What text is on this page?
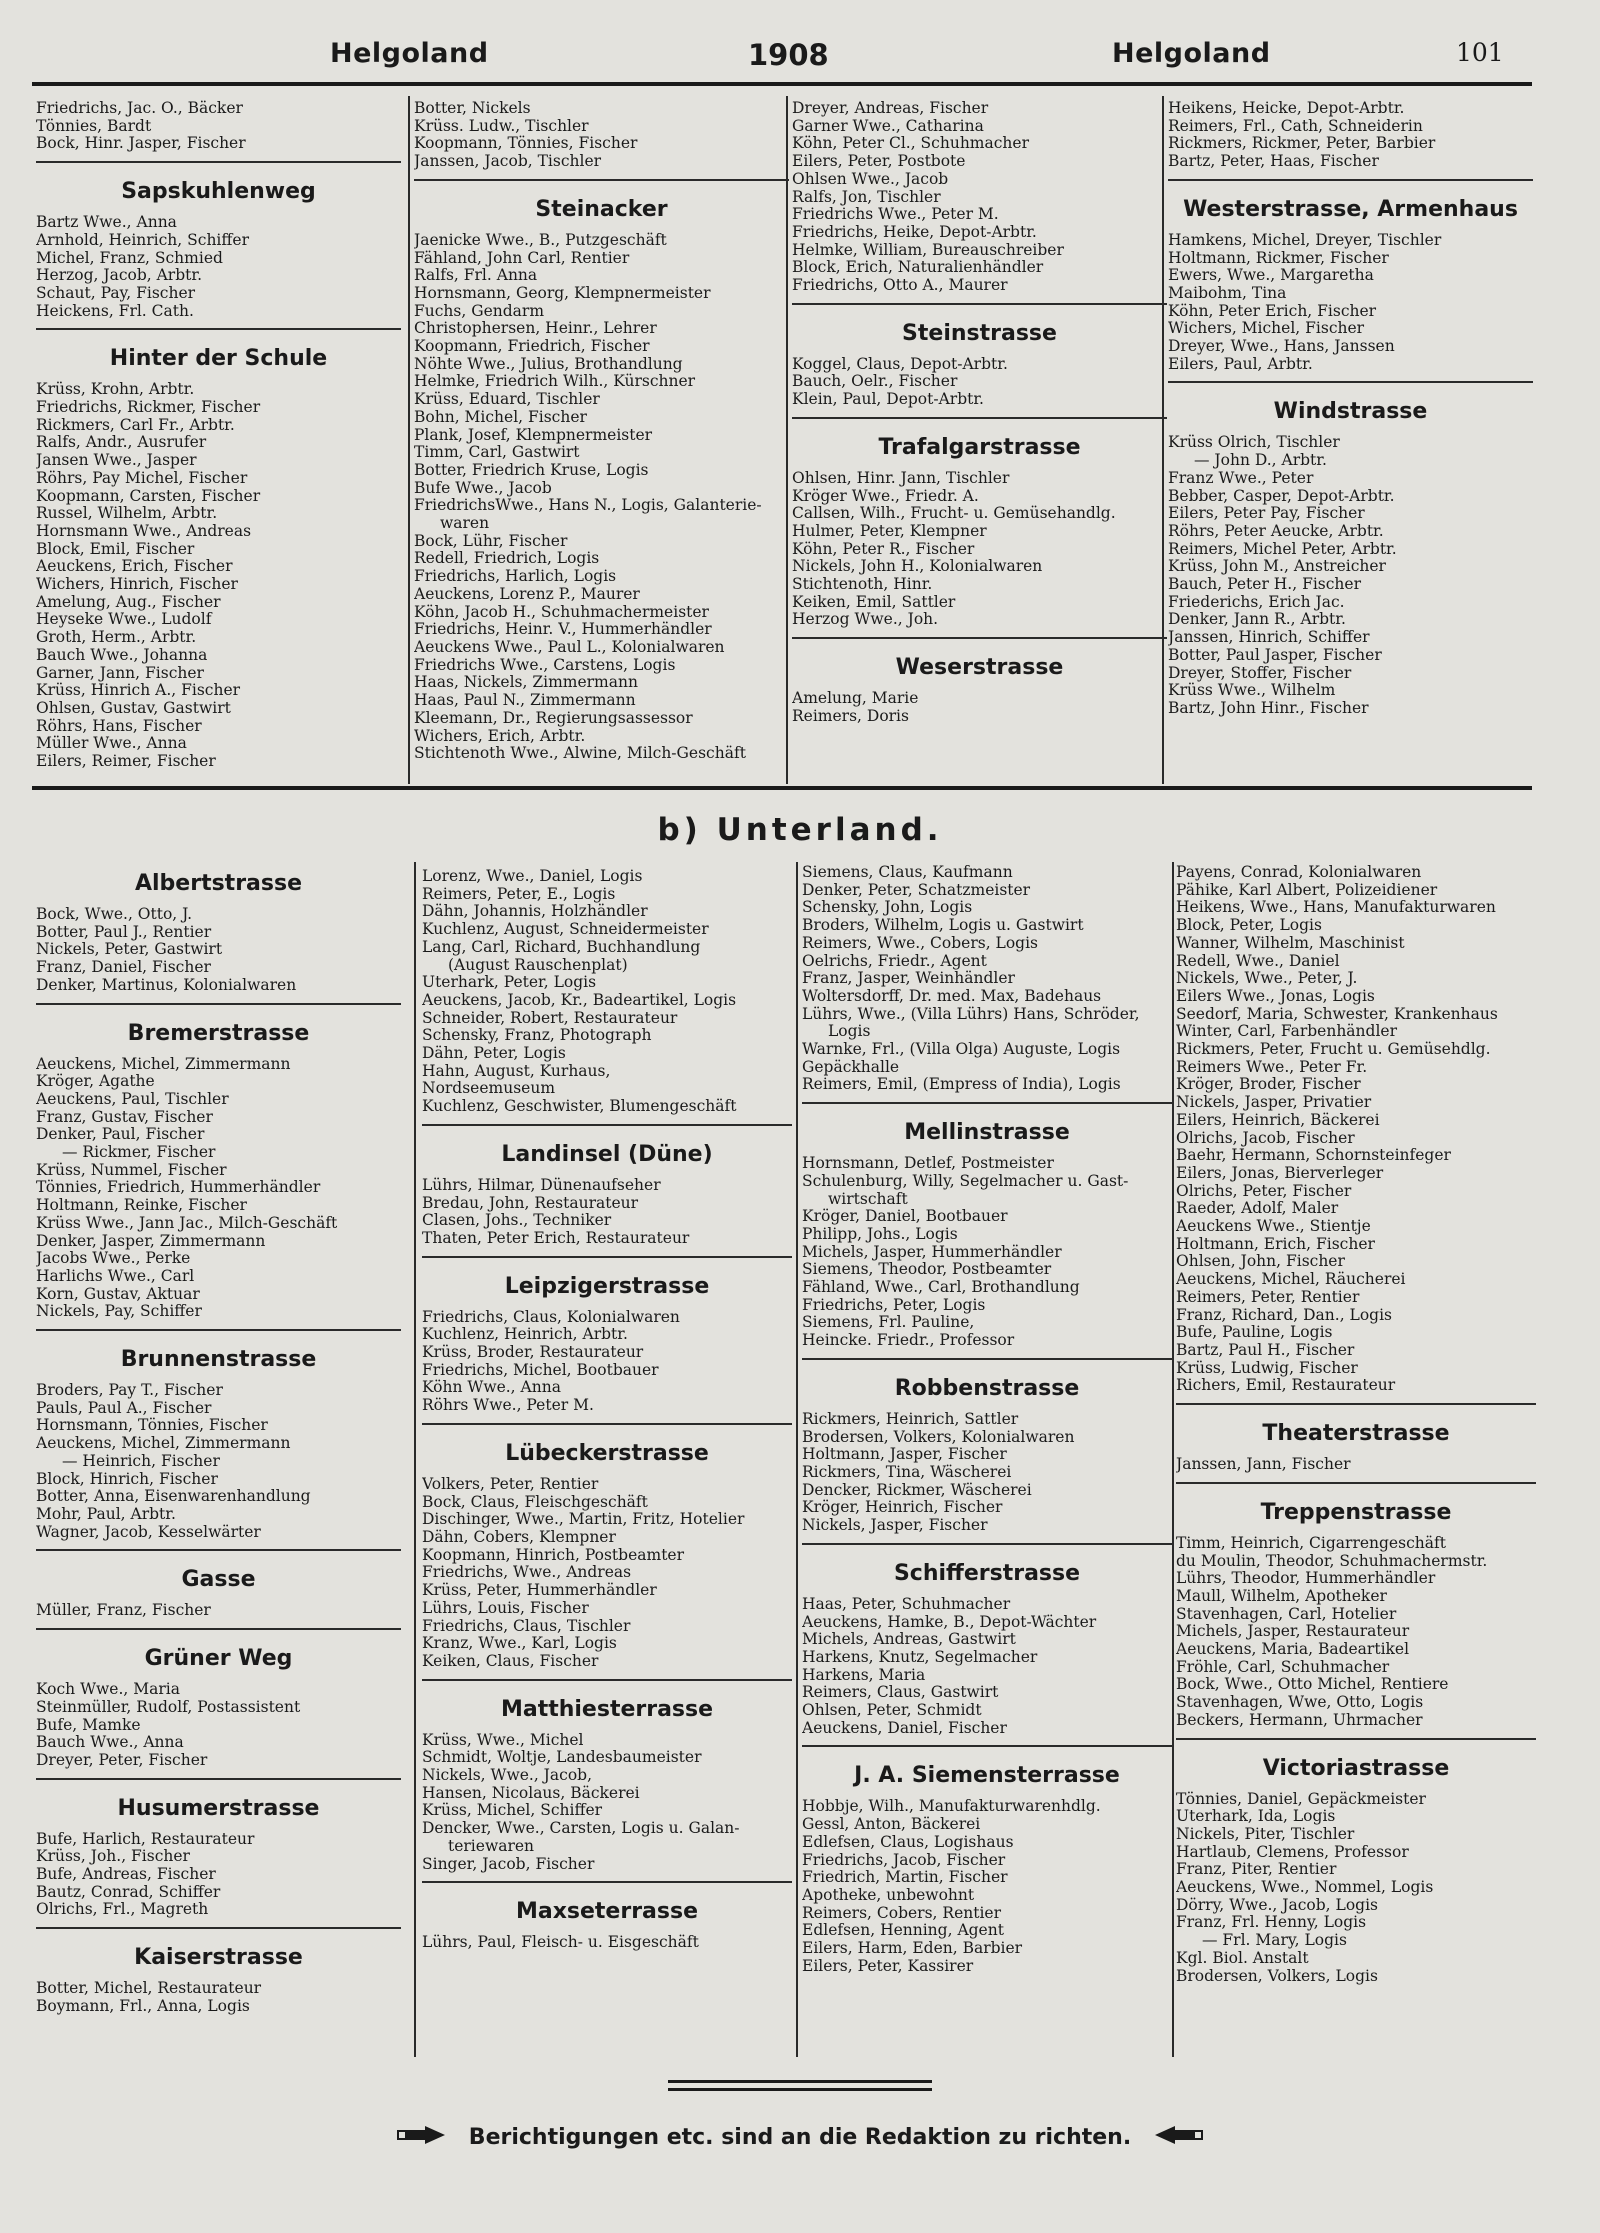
Helgoland	1908	Helgoland	101
Friedrichs, Jac. O., Bäcker
Tönnies, Bardt
Bock, Hinr. Jasper, Fischer
Sapskuhlenweg
Bartz Wwe., Anna
Arnhold, Heinrich, Schiffer
Michel, Franz, Schmied
Herzog, Jacob, Arbtr.
Schaut, Pay, Fischer
Heickens, Frl. Cath.
Hinter der Schule
Krüss, Krohn, Arbtr.
Friedrichs, Rickmer, Fischer
Rickmers, Carl Fr., Arbtr.
Ralfs, Andr., Ausrufer
Jansen Wwe., Jasper
Röhrs, Pay Michel, Fischer
Koopmann, Carsten, Fischer
Russel, Wilhelm, Arbtr.
Hornsmann Wwe., Andreas
Block, Emil, Fischer
Aeuckens, Erich, Fischer
Wichers, Hinrich, Fischer
Amelung, Aug., Fischer
Heyseke Wwe., Ludolf
Groth, Herm., Arbtr.
Bauch Wwe., Johanna
Garner, Jann, Fischer
Krüss, Hinrich A., Fischer
Ohlsen, Gustav, Gastwirt
Röhrs, Hans, Fischer
Müller Wwe., Anna
Eilers, Reimer, Fischer
Botter, Nickels
Krüss. Ludw., Tischler
Koopmann, Tönnies, Fischer
Janssen, Jacob, Tischler
Steinacker
Jaenicke Wwe., B., Putzgeschäft
Fähland, John Carl, Rentier
Ralfs, Frl. Anna
Hornsmann, Georg, Klempnermeister
Fuchs, Gendarm
Christophersen, Heinr., Lehrer
Koopmann, Friedrich, Fischer
Nöhte Wwe., Julius, Brothandlung
Helmke, Friedrich Wilh., Kürschner
Krüss, Eduard, Tischler
Bohn, Michel, Fischer
Plank, Josef, Klempnermeister
Timm, Carl, Gastwirt
Botter, Friedrich Kruse, Logis
Bufe Wwe., Jacob
FriedrichsWwe., Hans N., Logis, Galanterie-
waren
Bock, Lühr, Fischer
Redell, Friedrich, Logis
Friedrichs, Harlich, Logis
Aeuckens, Lorenz P., Maurer
Köhn, Jacob H., Schuhmachermeister
Friedrichs, Heinr. V., Hummerhändler
Aeuckens Wwe., Paul L., Kolonialwaren
Friedrichs Wwe., Carstens, Logis
Haas, Nickels, Zimmermann
Haas, Paul N., Zimmermann
Kleemann, Dr., Regierungsassessor
Wichers, Erich, Arbtr.
Stichtenoth Wwe., Alwine, Milch-Geschäft
Dreyer, Andreas, Fischer
Garner Wwe., Catharina
Köhn, Peter Cl., Schuhmacher
Eilers, Peter, Postbote
Ohlsen Wwe., Jacob
Ralfs, Jon, Tischler
Friedrichs Wwe., Peter M.
Friedrichs, Heike, Depot-Arbtr.
Helmke, William, Bureauschreiber
Block, Erich, Naturalienhändler
Friedrichs, Otto A., Maurer
Steinstrasse
Koggel, Claus, Depot-Arbtr.
Bauch, Oelr., Fischer
Klein, Paul, Depot-Arbtr.
Trafalgarstrasse
Ohlsen, Hinr. Jann, Tischler
Kröger Wwe., Friedr. A.
Callsen, Wilh., Frucht- u. Gemüsehandlg.
Hulmer, Peter, Klempner
Köhn, Peter R., Fischer
Nickels, John H., Kolonialwaren
Stichtenoth, Hinr.
Keiken, Emil, Sattler
Herzog Wwe., Joh.
Weserstrasse
Amelung, Marie
Reimers, Doris
Heikens, Heicke, Depot-Arbtr.
Reimers, Frl., Cath, Schneiderin
Rickmers, Rickmer, Peter, Barbier
Bartz, Peter, Haas, Fischer
Westerstrasse, Armenhaus
Hamkens, Michel, Dreyer, Tischler
Holtmann, Rickmer, Fischer
Ewers, Wwe., Margaretha
Maibohm, Tina
Köhn, Peter Erich, Fischer
Wichers, Michel, Fischer
Dreyer, Wwe., Hans, Janssen
Eilers, Paul, Arbtr.
Windstrasse
Krüss Ölrich, Tischler
— John D., Arbtr.
Franz Wwe., Peter
Bebber, Casper, Depot-Arbtr.
Eilers, Peter Pay, Fischer
Röhrs, Peter Aeucke, Arbtr.
Reimers, Michel Peter, Arbtr.
Krüss, John M., Anstreicher
Bauch, Peter H., Fischer
Friederichs, Erich Jac.
Denker, Jann R., Arbtr.
Janssen, Hinrich, Schiffer
Botter, Paul Jasper, Fischer
Dreyer, Stoffer, Fischer
Krüss Wwe., Wilhelm
Bartz, John Hinr., Fischer
b) Unterland.
Albertstrasse
Bock, Wwe., Otto, J.
Botter, Paul J., Rentier
Nickels, Peter, Gastwirt
Franz, Daniel, Fischer
Denker, Martinus, Kolonialwaren
Bremerstrasse
Aeuckens, Michel, Zimmermann
Kröger, Agathe
Aeuckens, Paul, Tischler
Franz, Gustav, Fischer
Denker, Paul, Fischer
— Rickmer, Fischer
Krüss, Nummel, Fischer
Tönnies, Friedrich, Hummerhändler
Holtmann, Reinke, Fischer
Krüss Wwe., Jann Jac., Milch-Geschäft
Denker, Jasper, Zimmermann
Jacobs Wwe., Perke
Harlichs Wwe., Carl
Korn, Gustav, Aktuar
Nickels, Pay, Schiffer
Brunnenstrasse
Broders, Pay T., Fischer
Pauls, Paul A., Fischer
Hornsmann, Tönnies, Fischer
Aeuckens, Michel, Zimmermann
— Heinrich, Fischer
Block, Hinrich, Fischer
Botter, Anna, Eisenwarenhandlung
Mohr, Paul, Arbtr.
Wagner, Jacob, Kesselwärter
Gasse
Müller, Franz, Fischer
Grüner Weg
Koch Wwe., Maria
Steinmüller, Rudolf, Postassistent
Bufe, Mamke
Bauch Wwe., Anna
Dreyer, Peter, Fischer
Husumerstrasse
Bufe, Harlich, Restaurateur
Krüss, Joh., Fischer
Bufe, Andreas, Fischer
Bautz, Conrad, Schiffer
Ölrichs, Frl., Magreth
Kaiserstrasse
Botter, Michel, Restaurateur
Boymann, Frl., Anna, Logis
Lorenz, Wwe., Daniel, Logis
Reimers, Peter, E., Logis
Dähn, Johannis, Holzhändler
Kuchlenz, August, Schneidermeister
Lang, Carl, Richard, Buchhandlung
(August Rauschenplat)
Uterhark, Peter, Logis
Aeuckens, Jacob, Kr., Badeartikel, Logis
Schneider, Robert, Restaurateur
Schensky, Franz, Photograph
Dähn, Peter, Logis
Hahn, August, Kurhaus,
Nordseemuseum
Kuchlenz, Geschwister, Blumengeschäft
Landinsel (Düne)
Lührs, Hilmar, Dünenaufseher
Bredau, John, Restaurateur
Clasen, Johs., Techniker
Thaten, Peter Erich, Restaurateur
Leipzigerstrasse
Friedrichs, Claus, Kolonialwaren
Kuchlenz, Heinrich, Arbtr.
Krüss, Broder, Restaurateur
Friedrichs, Michel, Bootbauer
Köhn Wwe., Anna
Röhrs Wwe., Peter M.
Lübeckerstrasse
Volkers, Peter, Rentier
Bock, Claus, Fleischgeschäft
Dischinger, Wwe., Martin, Fritz, Hotelier
Dähn, Cobers, Klempner
Koopmann, Hinrich, Postbeamter
Friedrichs, Wwe., Andreas
Krüss, Peter, Hummerhändler
Lührs, Louis, Fischer
Friedrichs, Claus, Tischler
Kranz, Wwe., Karl, Logis
Keiken, Claus, Fischer
Matthiesterrasse
Krüss, Wwe., Michel
Schmidt, Woltje, Landesbaumeister
Nickels, Wwe., Jacob,
Hansen, Nicolaus, Bäckerei
Krüss, Michel, Schiffer
Dencker, Wwe., Carsten, Logis u. Galan-
teriewaren
Singer, Jacob, Fischer
Maxseterrasse
Lührs, Paul, Fleisch- u. Eisgeschäft
Siemens, Claus, Kaufmann
Denker, Peter, Schatzmeister
Schensky, John, Logis
Broders, Wilhelm, Logis u. Gastwirt
Reimers, Wwe., Cobers, Logis
Oelrichs, Friedr., Agent
Franz, Jasper, Weinhändler
Woltersdorff, Dr. med. Max, Badehaus
Lührs, Wwe., (Villa Lührs) Hans, Schröder,
Logis
Warnke, Frl., (Villa Olga) Auguste, Logis
Gepäckhalle
Reimers, Emil, (Empress of India), Logis
Mellinstrasse
Hornsmann, Detlef, Postmeister
Schulenburg, Willy, Segelmacher u. Gast-
wirtschaft
Kröger, Daniel, Bootbauer
Philipp, Johs., Logis
Michels, Jasper, Hummerhändler
Siemens, Theodor, Postbeamter
Fähland, Wwe., Carl, Brothandlung
Friedrichs, Peter, Logis
Siemens, Frl. Pauline,
Heincke. Friedr., Professor
Robbenstrasse
Rickmers, Heinrich, Sattler
Brodersen, Volkers, Kolonialwaren
Holtmann, Jasper, Fischer
Rickmers, Tina, Wäscherei
Dencker, Rickmer, Wäscherei
Kröger, Heinrich, Fischer
Nickels, Jasper, Fischer
Schifferstrasse
Haas, Peter, Schuhmacher
Aeuckens, Hamke, B., Depot-Wächter
Michels, Andreas, Gastwirt
Harkens, Knutz, Segelmacher
Harkens, Maria
Reimers, Claus, Gastwirt
Ohlsen, Peter, Schmidt
Aeuckens, Daniel, Fischer
J. A. Siemensterrasse
Hobbje, Wilh., Manufakturwarenhdlg.
Gessl, Anton, Bäckerei
Edlefsen, Claus, Logishaus
Friedrichs, Jacob, Fischer
Friedrich, Martin, Fischer
Apotheke, unbewohnt
Reimers, Cobers, Rentier
Edlefsen, Henning, Agent
Eilers, Harm, Eden, Barbier
Eilers, Peter, Kassirer
Payens, Conrad, Kolonialwaren
Pähike, Karl Albert, Polizeidiener
Heikens, Wwe., Hans, Manufakturwaren
Block, Peter, Logis
Wanner, Wilhelm, Maschinist
Redell, Wwe., Daniel
Nickels, Wwe., Peter, J.
Eilers Wwe., Jonas, Logis
Seedorf, Maria, Schwester, Krankenhaus
Winter, Carl, Farbenhändler
Rickmers, Peter, Frucht u. Gemüsehdlg.
Reimers Wwe., Peter Fr.
Kröger, Broder, Fischer
Nickels, Jasper, Privatier
Eilers, Heinrich, Bäckerei
Ölrichs, Jacob, Fischer
Baehr, Hermann, Schornsteinfeger
Eilers, Jonas, Bierverleger
Ölrichs, Peter, Fischer
Raeder, Adolf, Maler
Aeuckens Wwe., Stientje
Holtmann, Erich, Fischer
Ohlsen, John, Fischer
Aeuckens, Michel, Räucherei
Reimers, Peter, Rentier
Franz, Richard, Dan., Logis
Bufe, Pauline, Logis
Bartz, Paul H., Fischer
Krüss, Ludwig, Fischer
Richers, Emil, Restaurateur
Theaterstrasse
Janssen, Jann, Fischer
Treppenstrasse
Timm, Heinrich, Cigarrengeschäft
du Moulin, Theodor, Schuhmachermstr.
Lührs, Theodor, Hummerhändler
Maull, Wilhelm, Apotheker
Stavenhagen, Carl, Hotelier
Michels, Jasper, Restaurateur
Aeuckens, Maria, Badeartikel
Fröhle, Carl, Schuhmacher
Bock, Wwe., Otto Michel, Rentiere
Stavenhagen, Wwe, Otto, Logis
Beckers, Hermann, Uhrmacher
Victoriastrasse
Tönnies, Daniel, Gepäckmeister
Uterhark, Ida, Logis
Nickels, Piter, Tischler
Hartlaub, Clemens, Professor
Franz, Piter, Rentier
Aeuckens, Wwe., Nommel, Logis
Dörry, Wwe., Jacob, Logis
Franz, Frl. Henny, Logis
— Frl. Mary, Logis
Kgl. Biol. Anstalt
Brodersen, Volkers, Logis
Berichtigungen etc. sind an die Redaktion zu richten.
